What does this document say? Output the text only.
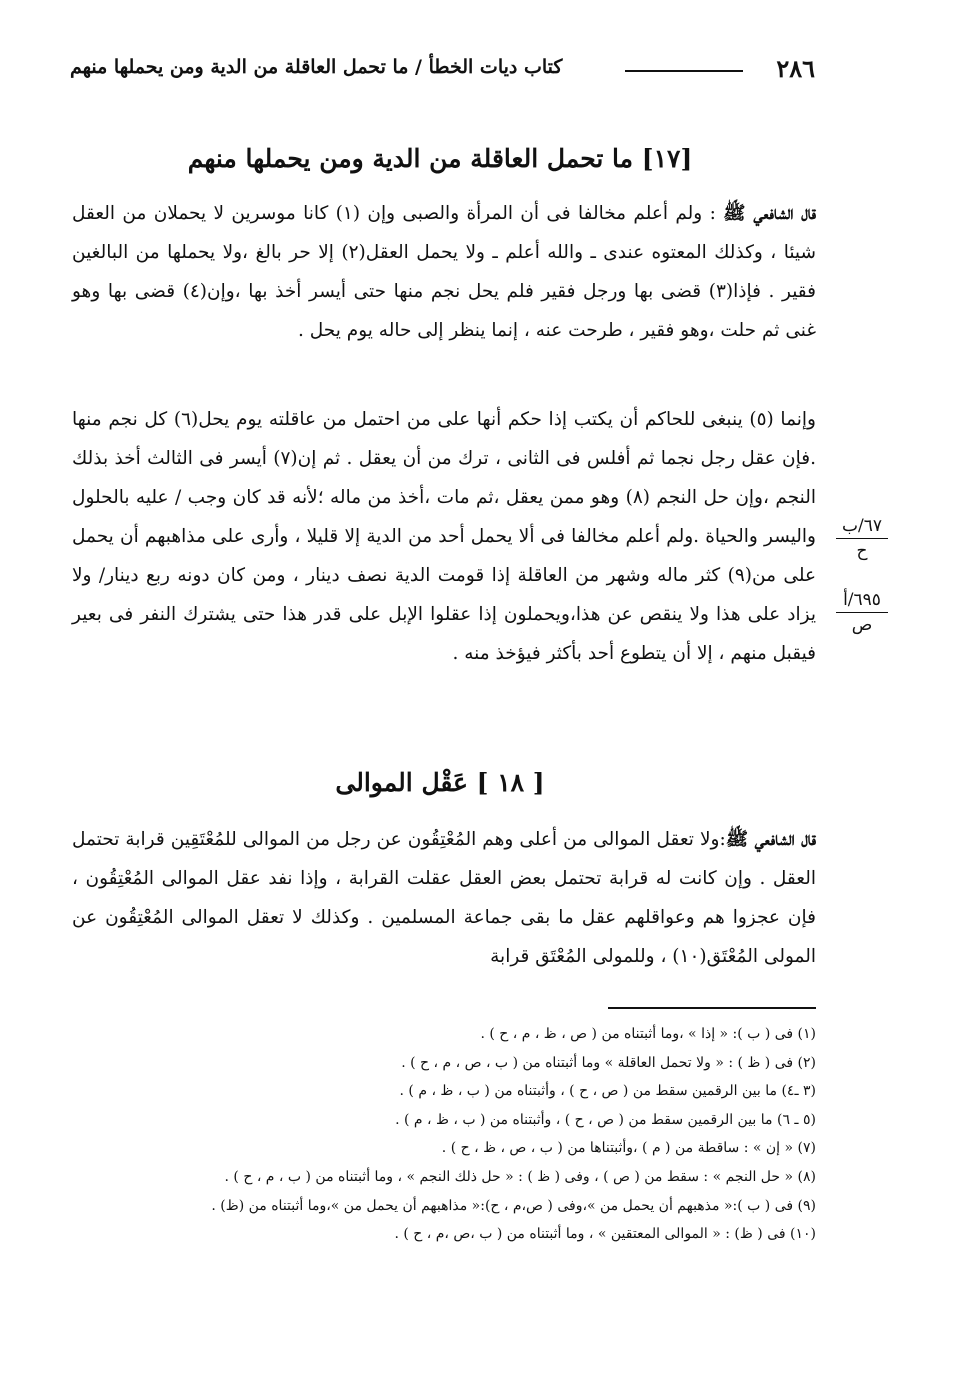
٢٨٦
كتاب ديات الخطأ / ما تحمل العاقلة من الدية ومن يحملها منهم
[١٧] ما تحمل العاقلة من الدية ومن يحملها منهم
قال الشافعي ﷺ : ولم أعلم مخالفا فى أن المرأة والصبى وإن (١) كانا موسرين لا يحملان من العقل شيئا ، وكذلك المعتوه عندى ـ والله أعلم ـ ولا يحمل العقل(٢) إلا حر بالغ ،ولا يحملها من البالغين فقير . فإذا(٣) قضى بها ورجل فقير فلم يحل نجم منها حتى أيسر أخذ بها ،وإن(٤) قضى بها وهو غنى ثم حلت ،وهو فقير ، طرحت عنه ، إنما ينظر إلى حاله يوم يحل .
وإنما (٥) ينبغى للحاكم أن يكتب إذا حكم أنها على من احتمل من عاقلته يوم يحل(٦) كل نجم منها .فإن عقل رجل نجما ثم أفلس فى الثانى ، ترك من أن يعقل . ثم إن(٧) أيسر فى الثالث أخذ بذلك النجم ،وإن حل النجم (٨) وهو ممن يعقل ،ثم مات ،أخذ من ماله ؛لأنه قد كان وجب / عليه بالحلول واليسر والحياة .ولم أعلم مخالفا فى ألا يحمل أحد من الدية إلا قليلا ، وأرى على مذاهبهم أن يحمل على من(٩) كثر ماله وشهر من العاقلة إذا قومت الدية نصف دينار ، ومن كان دونه ربع دينار/ ولا يزاد على هذا ولا ينقص عن هذا،ويحملون إذا عقلوا الإبل على قدر هذا حتى يشترك النفر فى بعير فيقبل منهم ، إلا أن يتطوع أحد بأكثر فيؤخذ منه .
٦٧/ب
ح
٦٩٥/أ
ص
[ ١٨ ] عَقْل الموالى
قال الشافعي ﷺ:ولا تعقل الموالى من أعلى وهم المُعْتِقُون عن رجل من الموالى للمُعْتَقِين قرابة تحتمل العقل . وإن كانت له قرابة تحتمل بعض العقل عقلت القرابة ، وإذا نفد عقل الموالى المُعْتِقُون ، فإن عجزوا هم وعواقلهم عقل ما بقى جماعة المسلمين . وكذلك لا تعقل الموالى المُعْتِقُون عن المولى المُعْتَق(١٠) ، وللمولى المُعْتَق قرابة
(١) فى ( ب ): « إذا » ،وما أثبتناه من ( ص ، ظ ، م ، ح ) .
(٢) فى ( ظ ) : « ولا تحمل العاقلة » وما أثبتناه من ( ب ، ص ، م ، ح ) .
(٣ ـ٤) ما بين الرقمين سقط من ( ص ، ح ) ، وأثبتناه من ( ب ، ظ ، م ) .
(٥ ـ ٦) ما بين الرقمين سقط من ( ص ، ح ) ، وأثبتناه من ( ب ، ظ ، م ) .
(٧) « إن » : ساقطة من ( م ) ،وأثبتناها من ( ب ، ص ، ظ ، ح ) .
(٨) « حل النجم » : سقط من ( ص ) ، وفى ( ظ ) : « حل ذلك النجم » ، وما أثبتناه من ( ب ، م ، ح ) .
(٩) فى ( ب ):« مذهبهم أن يحمل من »،وفى ( ص،م ، ح):« مذاهبهم أن يحمل من »،وما أثبتناه من (ظ) .
(١٠) فى ( ظ) : « الموالى المعتقين » ، وما أثبتناه من ( ب ،ص ،م ، ح ) .
